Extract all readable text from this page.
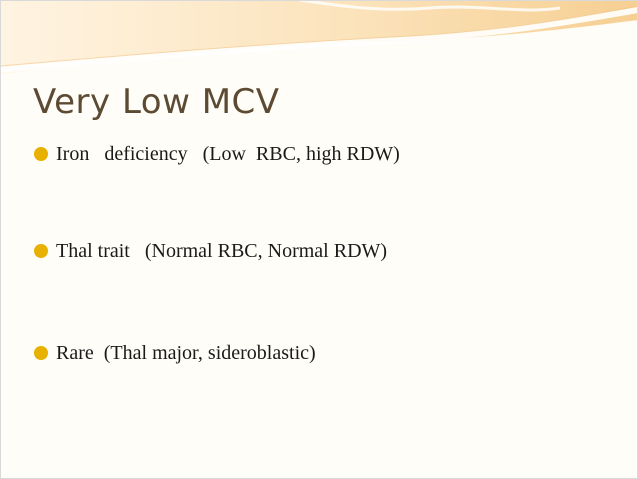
Very Low MCV
Iron   deficiency   (Low  RBC, high RDW)
Thal trait   (Normal RBC, Normal RDW)
Rare  (Thal major, sideroblastic)
